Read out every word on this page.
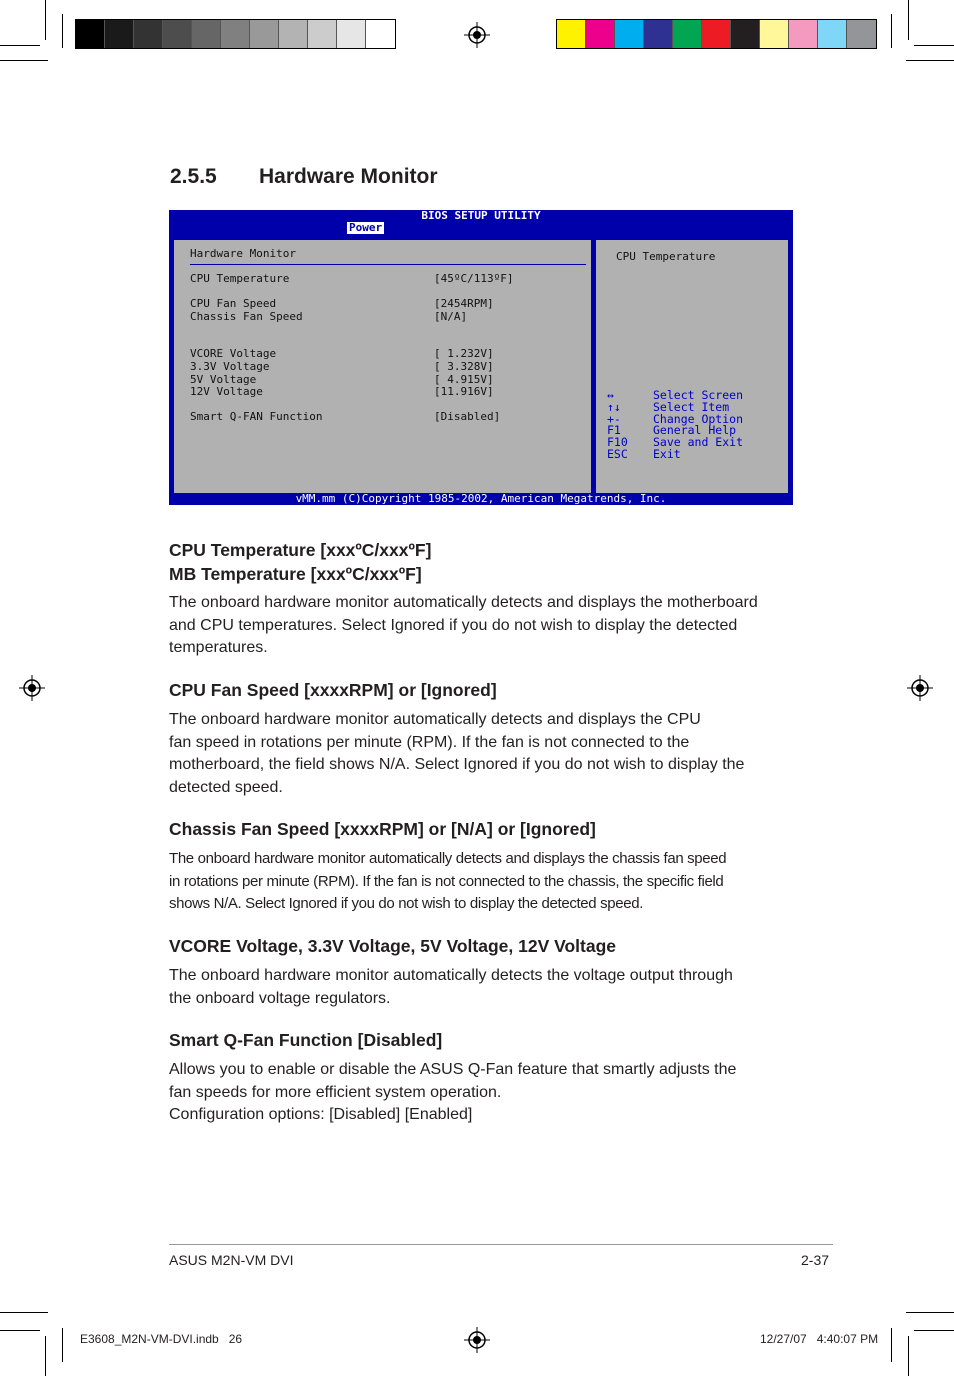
2.5.5 Hardware Monitor
BIOS SETUP UTILITY
Power
Hardware Monitor
CPU Temperature	[45ºC/113ºF]
CPU Fan Speed	[2454RPM]
Chassis Fan Speed	[N/A]
VCORE Voltage	[ 1.232V]
3.3V Voltage	[ 3.328V]
5V Voltage	[ 4.915V]
12V Voltage	[11.916V]
Smart Q-FAN Function	[Disabled]
CPU Temperature
↔	Select Screen
↑↓	Select Item
+-	Change Option
F1	General Help
F10 Save and Exit
ESC Exit
vMM.mm (C)Copyright 1985-2002, American Megatrends, Inc.
CPU Temperature [xxxºC/xxxºF]
MB Temperature [xxxºC/xxxºF]
The onboard hardware monitor automatically detects and displays the motherboard
and CPU temperatures. Select Ignored if you do not wish to display the detected
temperatures.
CPU Fan Speed [xxxxRPM] or [Ignored]
The onboard hardware monitor automatically detects and displays the CPU
fan speed in rotations per minute (RPM). If the fan is not connected to the
motherboard, the field shows N/A. Select Ignored if you do not wish to display the
detected speed.
Chassis Fan Speed [xxxxRPM] or [N/A] or [Ignored]
The onboard hardware monitor automatically detects and displays the chassis fan speed
in rotations per minute (RPM). If the fan is not connected to the chassis, the specific field
shows N/A. Select Ignored if you do not wish to display the detected speed.
VCORE Voltage, 3.3V Voltage, 5V Voltage, 12V Voltage
The onboard hardware monitor automatically detects the voltage output through
the onboard voltage regulators.
Smart Q-Fan Function [Disabled]
Allows you to enable or disable the ASUS Q-Fan feature that smartly adjusts the
fan speeds for more efficient system operation.
Configuration options: [Disabled] [Enabled]
ASUS M2N-VM DVI	2-37
E3608_M2N-VM-DVI.indb   26	12/27/07   4:40:07 PM
